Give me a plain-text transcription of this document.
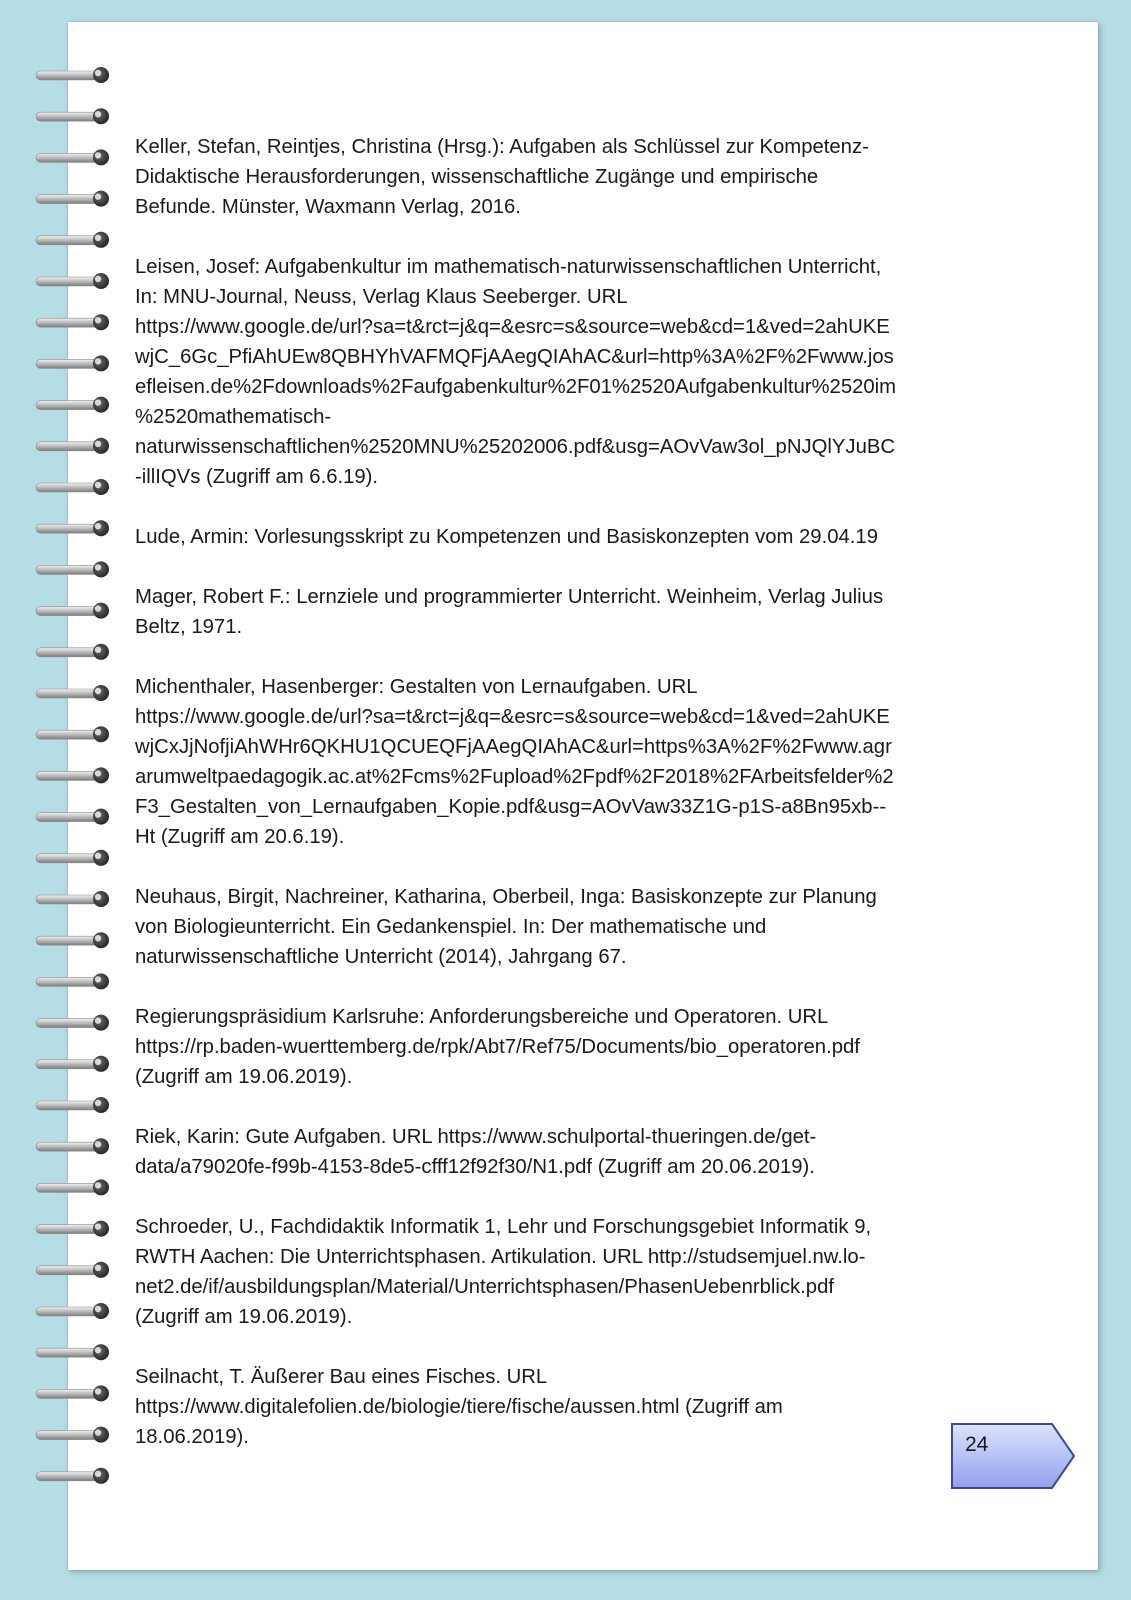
Keller, Stefan, Reintjes, Christina (Hrsg.): Aufgaben als Schlüssel zur Kompetenz-
Didaktische Herausforderungen, wissenschaftliche Zugänge und empirische
Befunde. Münster, Waxmann Verlag, 2016.
Leisen, Josef: Aufgabenkultur im mathematisch-naturwissenschaftlichen Unterricht,
In: MNU-Journal, Neuss, Verlag Klaus Seeberger. URL
https://www.google.de/url?sa=t&rct=j&q=&esrc=s&source=web&cd=1&ved=2ahUKE
wjC_6Gc_PfiAhUEw8QBHYhVAFMQFjAAegQIAhAC&url=http%3A%2F%2Fwww.jos
efleisen.de%2Fdownloads%2Faufgabenkultur%2F01%2520Aufgabenkultur%2520im
%2520mathematisch-
naturwissenschaftlichen%2520MNU%25202006.pdf&usg=AOvVaw3ol_pNJQlYJuBC
-illIQVs (Zugriff am 6.6.19).
Lude, Armin: Vorlesungsskript zu Kompetenzen und Basiskonzepten vom 29.04.19
Mager, Robert F.: Lernziele und programmierter Unterricht. Weinheim, Verlag Julius
Beltz, 1971.
Michenthaler, Hasenberger: Gestalten von Lernaufgaben. URL
https://www.google.de/url?sa=t&rct=j&q=&esrc=s&source=web&cd=1&ved=2ahUKE
wjCxJjNofjiAhWHr6QKHU1QCUEQFjAAegQIAhAC&url=https%3A%2F%2Fwww.agr
arumweltpaedagogik.ac.at%2Fcms%2Fupload%2Fpdf%2F2018%2FArbeitsfelder%2
F3_Gestalten_von_Lernaufgaben_Kopie.pdf&usg=AOvVaw33Z1G-p1S-a8Bn95xb--
Ht (Zugriff am 20.6.19).
Neuhaus, Birgit, Nachreiner, Katharina, Oberbeil, Inga: Basiskonzepte zur Planung
von Biologieunterricht. Ein Gedankenspiel. In: Der mathematische und
naturwissenschaftliche Unterricht (2014), Jahrgang 67.
Regierungspräsidium Karlsruhe: Anforderungsbereiche und Operatoren. URL
https://rp.baden-wuerttemberg.de/rpk/Abt7/Ref75/Documents/bio_operatoren.pdf
(Zugriff am 19.06.2019).
Riek, Karin: Gute Aufgaben. URL https://www.schulportal-thueringen.de/get-
data/a79020fe-f99b-4153-8de5-cfff12f92f30/N1.pdf (Zugriff am 20.06.2019).
Schroeder, U., Fachdidaktik Informatik 1, Lehr und Forschungsgebiet Informatik 9,
RWTH Aachen: Die Unterrichtsphasen. Artikulation. URL http://studsemjuel.nw.lo-
net2.de/if/ausbildungsplan/Material/Unterrichtsphasen/PhasenUebenrblick.pdf
(Zugriff am 19.06.2019).
Seilnacht, T. Äußerer Bau eines Fisches. URL
https://www.digitalefolien.de/biologie/tiere/fische/aussen.html (Zugriff am
18.06.2019).	24
